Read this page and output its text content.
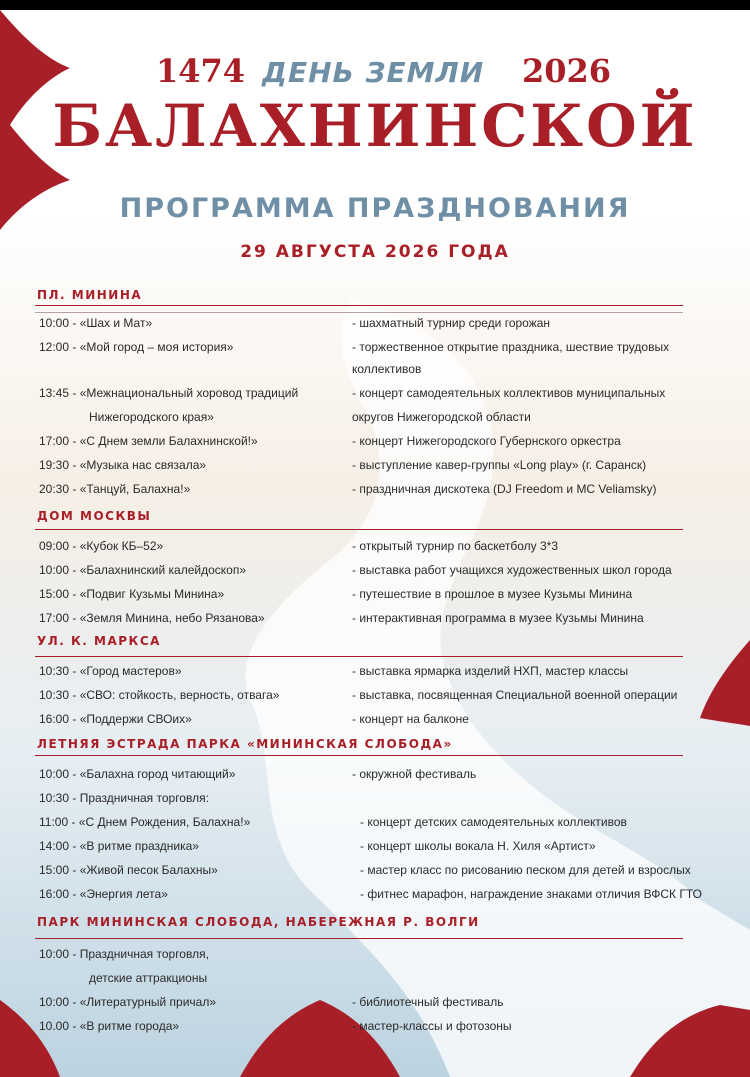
1474 ДЕНЬ ЗЕМЛИ 2026
БАЛАХНИНСКОЙ
ПРОГРАММА ПРАЗДНОВАНИЯ
29 АВГУСТА 2026 ГОДА
ПЛ. МИНИНА
10:00 - «Шах и Мат»	- шахматный турнир среди горожан
12:00 - «Мой город – моя история»	- торжественное открытие праздника, шествие трудовых
коллективов
13:45 - «Межнациональный хоровод традиций	- концерт самодеятельных коллективов муниципальных
Нижегородского края»	округов Нижегородской области
17:00 - «С Днем земли Балахнинской!»	- концерт Нижегородского Губернского оркестра
19:30 - «Музыка нас связала»	- выступление кавер-группы «Long play» (г. Саранск)
20:30 - «Танцуй, Балахна!»	- праздничная дискотека (DJ Freedom и MC Veliamsky)
ДОМ МОСКВЫ
09:00 - «Кубок КБ–52»	- открытый турнир по баскетболу 3*3
10:00 - «Балахнинский калейдоскоп»	- выставка работ учащихся художественных школ города
15:00 - «Подвиг Кузьмы Минина»	- путешествие в прошлое в музее Кузьмы Минина
17:00 - «Земля Минина, небо Рязанова»	- интерактивная программа в музее Кузьмы Минина
УЛ. К. МАРКСА
10:30 - «Город мастеров»	- выставка ярмарка изделий НХП, мастер классы
10:30 - «СВО: стойкость, верность, отвага»	- выставка, посвященная Специальной военной операции
16:00 - «Поддержи СВОих»	- концерт на балконе
ЛЕТНЯЯ ЭСТРАДА ПАРКА «МИНИНСКАЯ СЛОБОДА»
10:00 - «Балахна город читающий»	- окружной фестиваль
10:30 - Праздничная торговля:
11:00 - «С Днем Рождения, Балахна!»	- концерт детских самодеятельных коллективов
14:00 - «В ритме праздника»	- концерт школы вокала Н. Хиля «Артист»
15:00 - «Живой песок Балахны»	- мастер класс по рисованию песком для детей и взрослых
16:00 - «Энергия лета»	- фитнес марафон, награждение знаками отличия ВФСК ГТО
ПАРК МИНИНСКАЯ СЛОБОДА, НАБЕРЕЖНАЯ Р. ВОЛГИ
10:00 - Праздничная торговля,
детские аттракционы
10:00 - «Литературный причал»	- библиотечный фестиваль
10.00 - «В ритме города»	- мастер-классы и фотозоны
